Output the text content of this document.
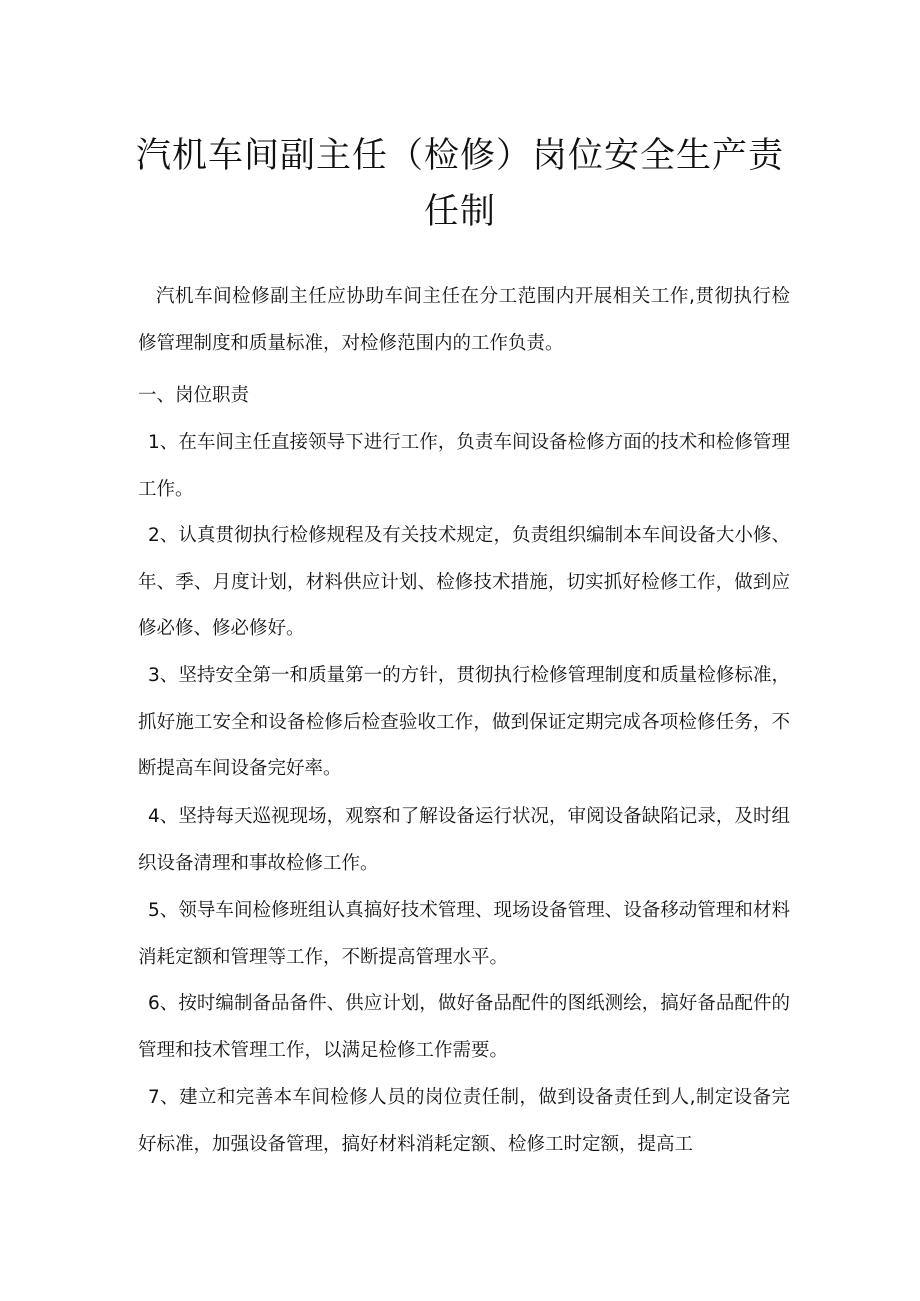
汽机车间副主任（检修）岗位安全生产责
任制

汽机车间检修副主任应协助车间主任在分工范围内开展相关工作,贯彻执行检修管理制度和质量标准，对检修范围内的工作负责。

一、岗位职责

1、在车间主任直接领导下进行工作，负责车间设备检修方面的技术和检修管理工作。

2、认真贯彻执行检修规程及有关技术规定，负责组织编制本车间设备大小修、年、季、月度计划，材料供应计划、检修技术措施，切实抓好检修工作，做到应修必修、修必修好。

3、坚持安全第一和质量第一的方针，贯彻执行检修管理制度和质量检修标准，抓好施工安全和设备检修后检查验收工作，做到保证定期完成各项检修任务，不断提高车间设备完好率。

4、坚持每天巡视现场，观察和了解设备运行状况，审阅设备缺陷记录，及时组织设备清理和事故检修工作。

5、领导车间检修班组认真搞好技术管理、现场设备管理、设备移动管理和材料消耗定额和管理等工作，不断提高管理水平。

6、按时编制备品备件、供应计划，做好备品配件的图纸测绘，搞好备品配件的管理和技术管理工作，以满足检修工作需要。

7、建立和完善本车间检修人员的岗位责任制，做到设备责任到人,制定设备完好标准，加强设备管理，搞好材料消耗定额、检修工时定额，提高工
